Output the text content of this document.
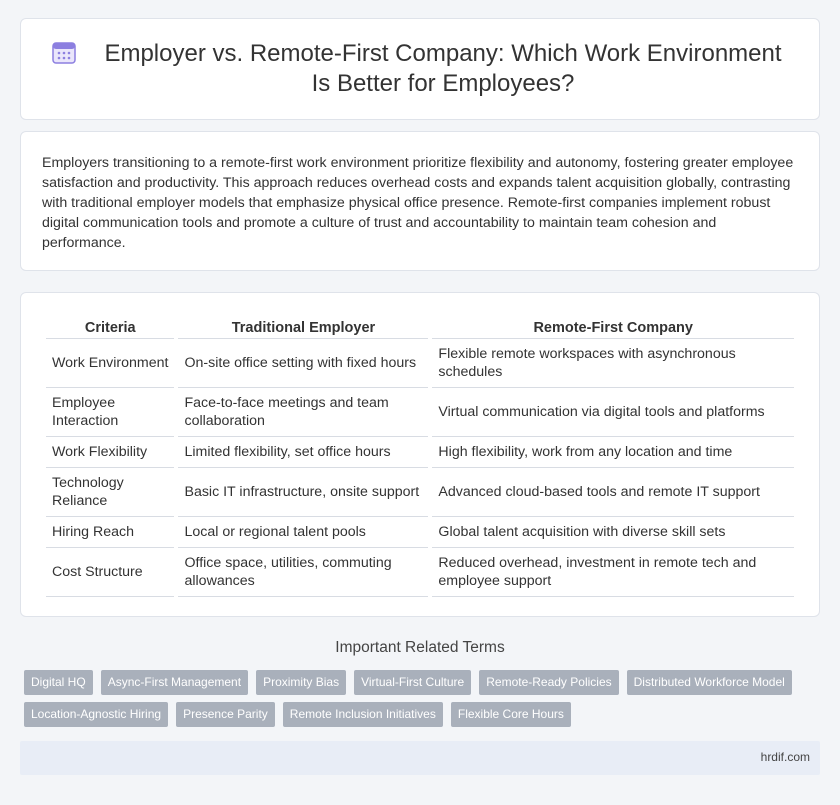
Employer vs. Remote-First Company: Which Work Environment Is Better for Employees?

Employers transitioning to a remote-first work environment prioritize flexibility and autonomy, fostering greater employee satisfaction and productivity. This approach reduces overhead costs and expands talent acquisition globally, contrasting with traditional employer models that emphasize physical office presence. Remote-first companies implement robust digital communication tools and promote a culture of trust and accountability to maintain team cohesion and performance.

Criteria	Traditional Employer	Remote-First Company
Work Environment	On-site office setting with fixed hours	Flexible remote workspaces with asynchronous schedules
Employee Interaction	Face-to-face meetings and team collaboration	Virtual communication via digital tools and platforms
Work Flexibility	Limited flexibility, set office hours	High flexibility, work from any location and time
Technology Reliance	Basic IT infrastructure, onsite support	Advanced cloud-based tools and remote IT support
Hiring Reach	Local or regional talent pools	Global talent acquisition with diverse skill sets
Cost Structure	Office space, utilities, commuting allowances	Reduced overhead, investment in remote tech and employee support
Important Related Terms
Digital HQ	Async-First Management	Proximity Bias	Virtual-First Culture	Remote-Ready Policies	Distributed Workforce Model
Location-Agnostic Hiring	Presence Parity	Remote Inclusion Initiatives	Flexible Core Hours
hrdif.com
